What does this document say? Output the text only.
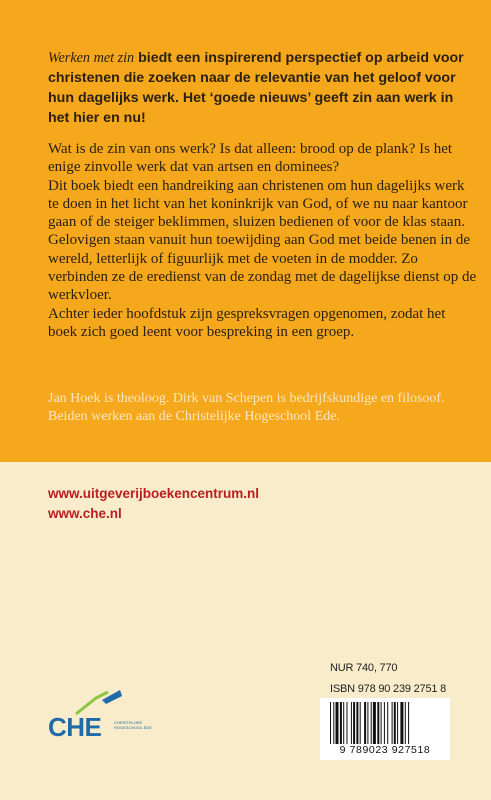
Werken met zin biedt een inspirerend perspectief op arbeid voor christenen die zoeken naar de relevantie van het geloof voor hun dagelijks werk. Het ‘goede nieuws’ geeft zin aan werk in het hier en nu!

Wat is de zin van ons werk? Is dat alleen: brood op de plank? Is het enige zinvolle werk dat van artsen en dominees?

Dit boek biedt een handreiking aan christenen om hun dagelijks werk te doen in het licht van het koninkrijk van God, of we nu naar kantoor gaan of de steiger beklimmen, sluizen bedienen of voor de klas staan. Gelovigen staan vanuit hun toewijding aan God met beide benen in de wereld, letterlijk of figuurlijk met de voeten in de modder. Zo verbinden ze de eredienst van de zondag met de dagelijkse dienst op de werkvloer.

Achter ieder hoofdstuk zijn gespreksvragen opgenomen, zodat het boek zich goed leent voor bespreking in een groep.

Jan Hoek is theoloog. Dirk van Schepen is bedrijfskundige en filosoof. Beiden werken aan de Christelijke Hogeschool Ede.
www.uitgeverijboekencentrum.nl
www.che.nl
CHE	CHRISTELIJKE HOGESCHOOL EDE
NUR 740, 770
ISBN 978 90 239 2751 8
9 789023 927518
